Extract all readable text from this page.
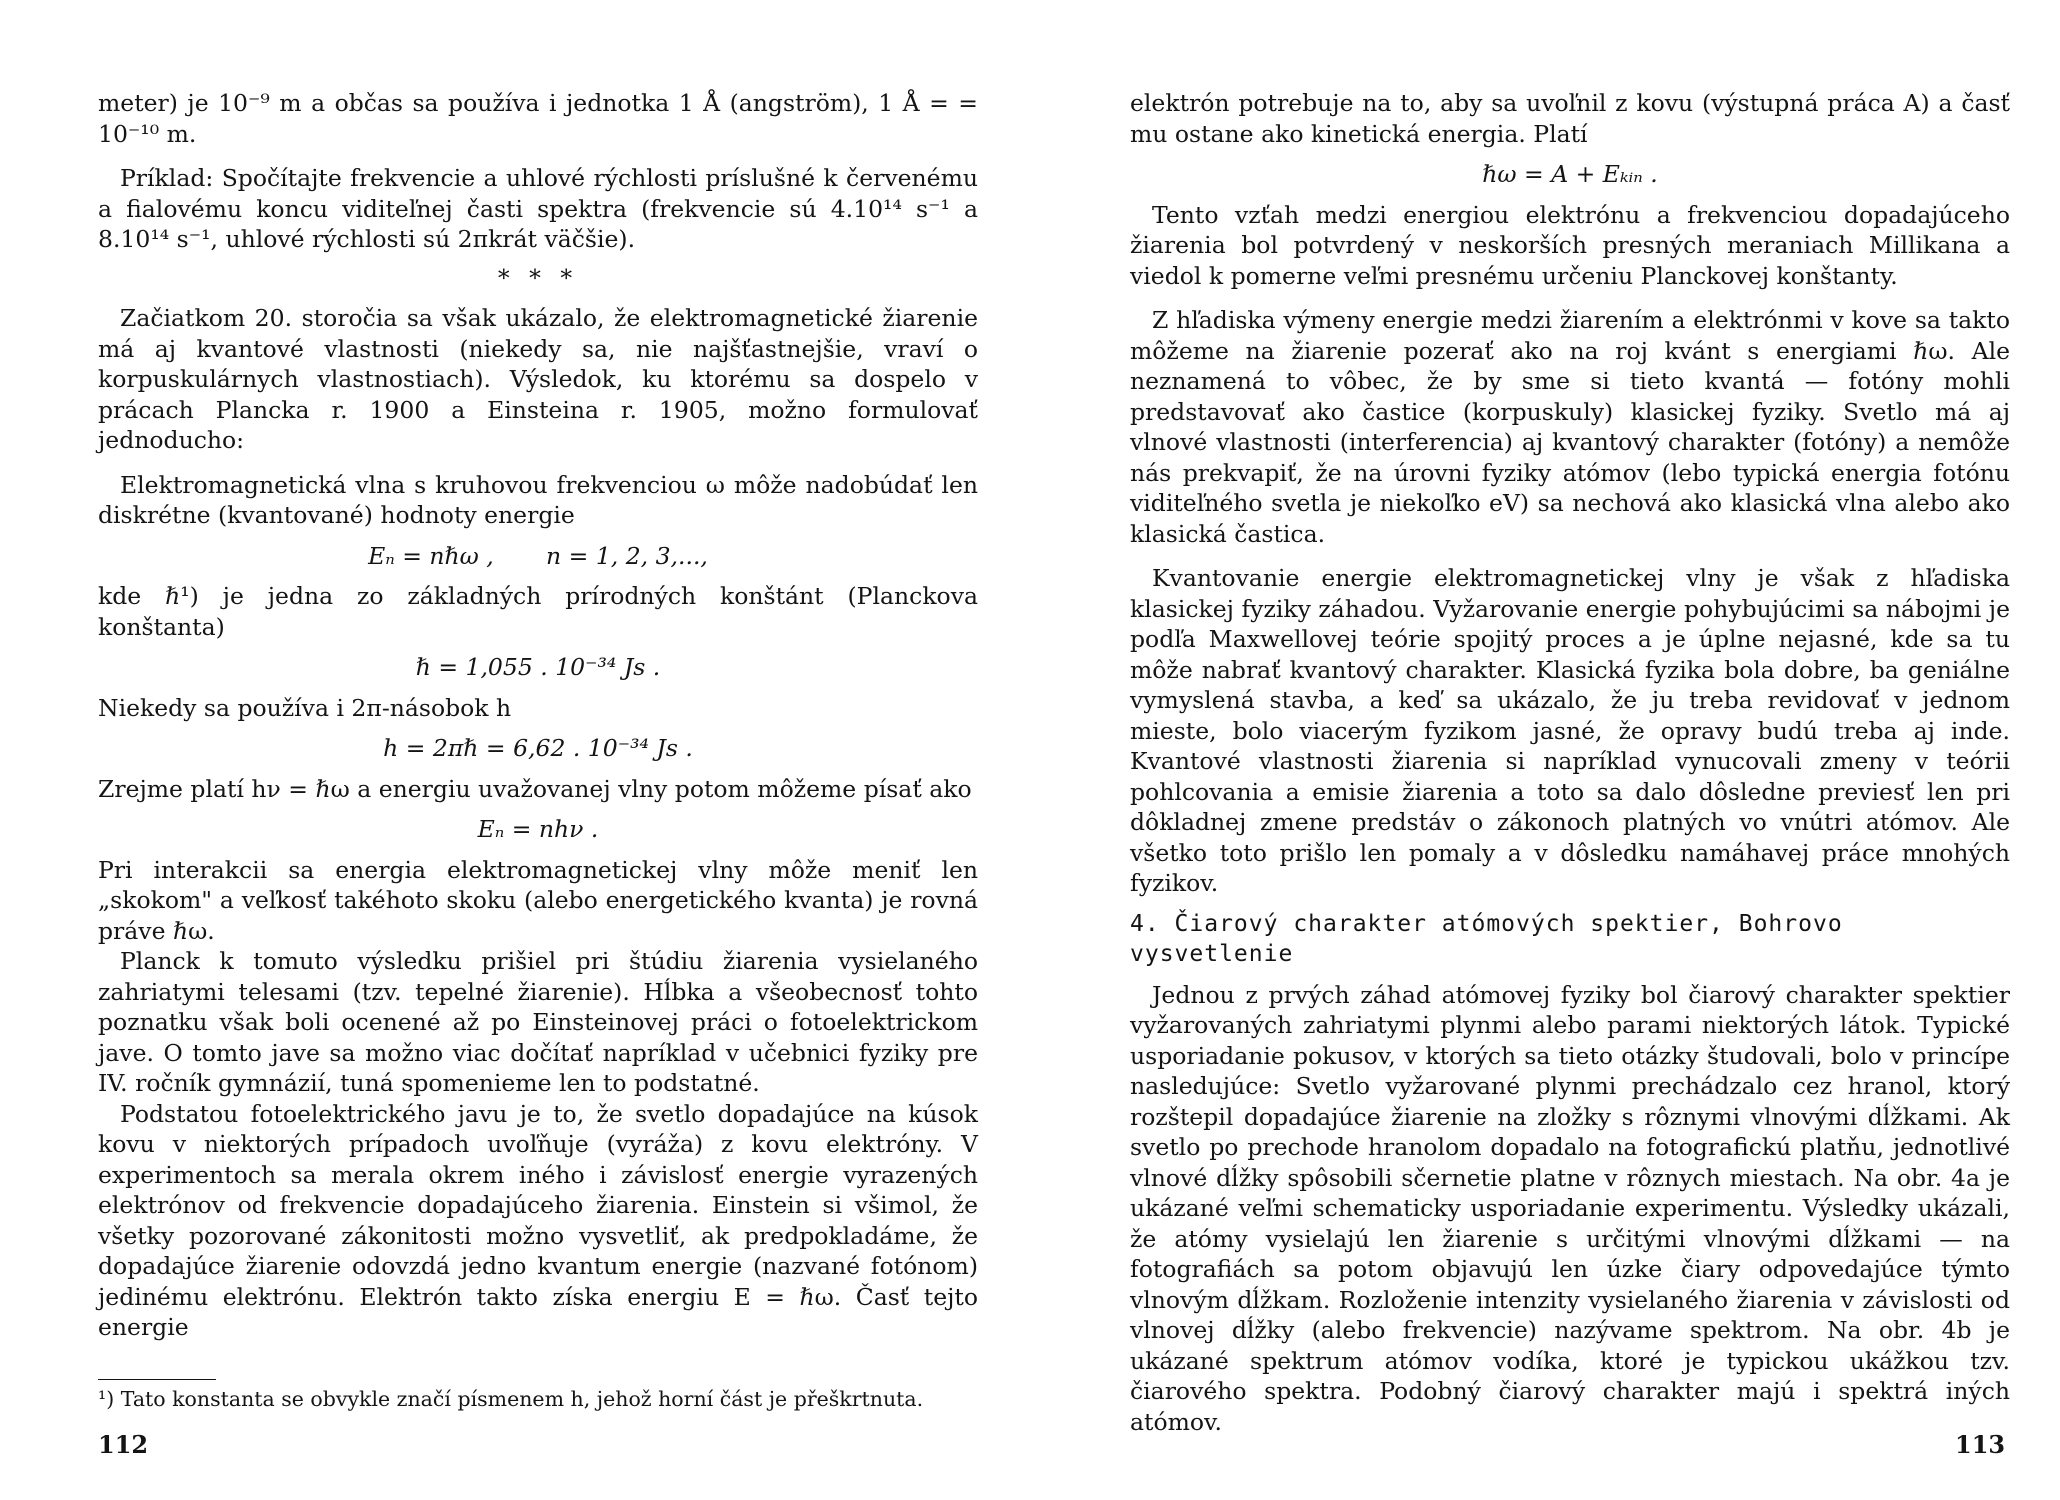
meter) je 10⁻⁹ m a občas sa používa i jednotka 1 Å (angström), 1 Å = = 10⁻¹⁰ m.

Príklad: Spočítajte frekvencie a uhlové rýchlosti príslušné k červenému a fialovému koncu viditeľnej časti spektra (frekvencie sú 4.10¹⁴ s⁻¹ a 8.10¹⁴ s⁻¹, uhlové rýchlosti sú 2πkrát väčšie).

* * *

Začiatkom 20. storočia sa však ukázalo, že elektromagnetické žiarenie má aj kvantové vlastnosti (niekedy sa, nie najšťastnejšie, vraví o korpuskulárnych vlastnostiach). Výsledok, ku ktorému sa dospelo v prácach Plancka r. 1900 a Einsteina r. 1905, možno formulovať jednoducho:

Elektromagnetická vlna s kruhovou frekvenciou ω môže nadobúdať len diskrétne (kvantované) hodnoty energie

Eₙ = nℏω ,       n = 1, 2, 3,...,

kde ℏ¹) je jedna zo základných prírodných konštánt (Planckova konštanta)

ℏ = 1,055 . 10⁻³⁴ Js .

Niekedy sa používa i 2π-násobok h

h = 2πℏ = 6,62 . 10⁻³⁴ Js .

Zrejme platí hν = ℏω a energiu uvažovanej vlny potom môžeme písať ako

Eₙ = nhν .

Pri interakcii sa energia elektromagnetickej vlny môže meniť len „skokom" a veľkosť takéhoto skoku (alebo energetického kvanta) je rovná práve ℏω.

Planck k tomuto výsledku prišiel pri štúdiu žiarenia vysielaného zahriatymi telesami (tzv. tepelné žiarenie). Hĺbka a všeobecnosť tohto poznatku však boli ocenené až po Einsteinovej práci o fotoelektrickom jave. O tomto jave sa možno viac dočítať napríklad v učebnici fyziky pre IV. ročník gymnázií, tuná spomenieme len to podstatné.

Podstatou fotoelektrického javu je to, že svetlo dopadajúce na kúsok kovu v niektorých prípadoch uvoľňuje (vyráža) z kovu elektróny. V experimentoch sa merala okrem iného i závislosť energie vyrazených elektrónov od frekvencie dopadajúceho žiarenia. Einstein si všimol, že všetky pozorované zákonitosti možno vysvetliť, ak predpokladáme, že dopadajúce žiarenie odovzdá jedno kvantum energie (nazvané fotónom) jedinému elektrónu. Elektrón takto získa energiu E = ℏω. Časť tejto energie

¹) Tato konstanta se obvykle značí písmenem h, jehož horní část je přeškrtnuta.

112

elektrón potrebuje na to, aby sa uvoľnil z kovu (výstupná práca A) a časť mu ostane ako kinetická energia. Platí

ℏω = A + Eₖᵢₙ .

Tento vzťah medzi energiou elektrónu a frekvenciou dopadajúceho žiarenia bol potvrdený v neskorších presných meraniach Millikana a viedol k pomerne veľmi presnému určeniu Planckovej konštanty.

Z hľadiska výmeny energie medzi žiarením a elektrónmi v kove sa takto môžeme na žiarenie pozerať ako na roj kvánt s energiami ℏω. Ale neznamená to vôbec, že by sme si tieto kvantá — fotóny mohli predstavovať ako častice (korpuskuly) klasickej fyziky. Svetlo má aj vlnové vlastnosti (interferencia) aj kvantový charakter (fotóny) a nemôže nás prekvapiť, že na úrovni fyziky atómov (lebo typická energia fotónu viditeľného svetla je niekoľko eV) sa nechová ako klasická vlna alebo ako klasická častica.

Kvantovanie energie elektromagnetickej vlny je však z hľadiska klasickej fyziky záhadou. Vyžarovanie energie pohybujúcimi sa nábojmi je podľa Maxwellovej teórie spojitý proces a je úplne nejasné, kde sa tu môže nabrať kvantový charakter. Klasická fyzika bola dobre, ba geniálne vymyslená stavba, a keď sa ukázalo, že ju treba revidovať v jednom mieste, bolo viacerým fyzikom jasné, že opravy budú treba aj inde. Kvantové vlastnosti žiarenia si napríklad vynucovali zmeny v teórii pohlcovania a emisie žiarenia a toto sa dalo dôsledne previesť len pri dôkladnej zmene predstáv o zákonoch platných vo vnútri atómov. Ale všetko toto prišlo len pomaly a v dôsledku namáhavej práce mnohých fyzikov.

4. Čiarový charakter atómových spektier, Bohrovo vysvetlenie

Jednou z prvých záhad atómovej fyziky bol čiarový charakter spektier vyžarovaných zahriatymi plynmi alebo parami niektorých látok. Typické usporiadanie pokusov, v ktorých sa tieto otázky študovali, bolo v princípe nasledujúce: Svetlo vyžarované plynmi prechádzalo cez hranol, ktorý rozštepil dopadajúce žiarenie na zložky s rôznymi vlnovými dĺžkami. Ak svetlo po prechode hranolom dopadalo na fotografickú platňu, jednotlivé vlnové dĺžky spôsobili sčernetie platne v rôznych miestach. Na obr. 4a je ukázané veľmi schematicky usporiadanie experimentu. Výsledky ukázali, že atómy vysielajú len žiarenie s určitými vlnovými dĺžkami — na fotografiách sa potom objavujú len úzke čiary odpovedajúce týmto vlnovým dĺžkam. Rozloženie intenzity vysielaného žiarenia v závislosti od vlnovej dĺžky (alebo frekvencie) nazývame spektrom. Na obr. 4b je ukázané spektrum atómov vodíka, ktoré je typickou ukážkou tzv. čiarového spektra. Podobný čiarový charakter majú i spektrá iných atómov.

113
